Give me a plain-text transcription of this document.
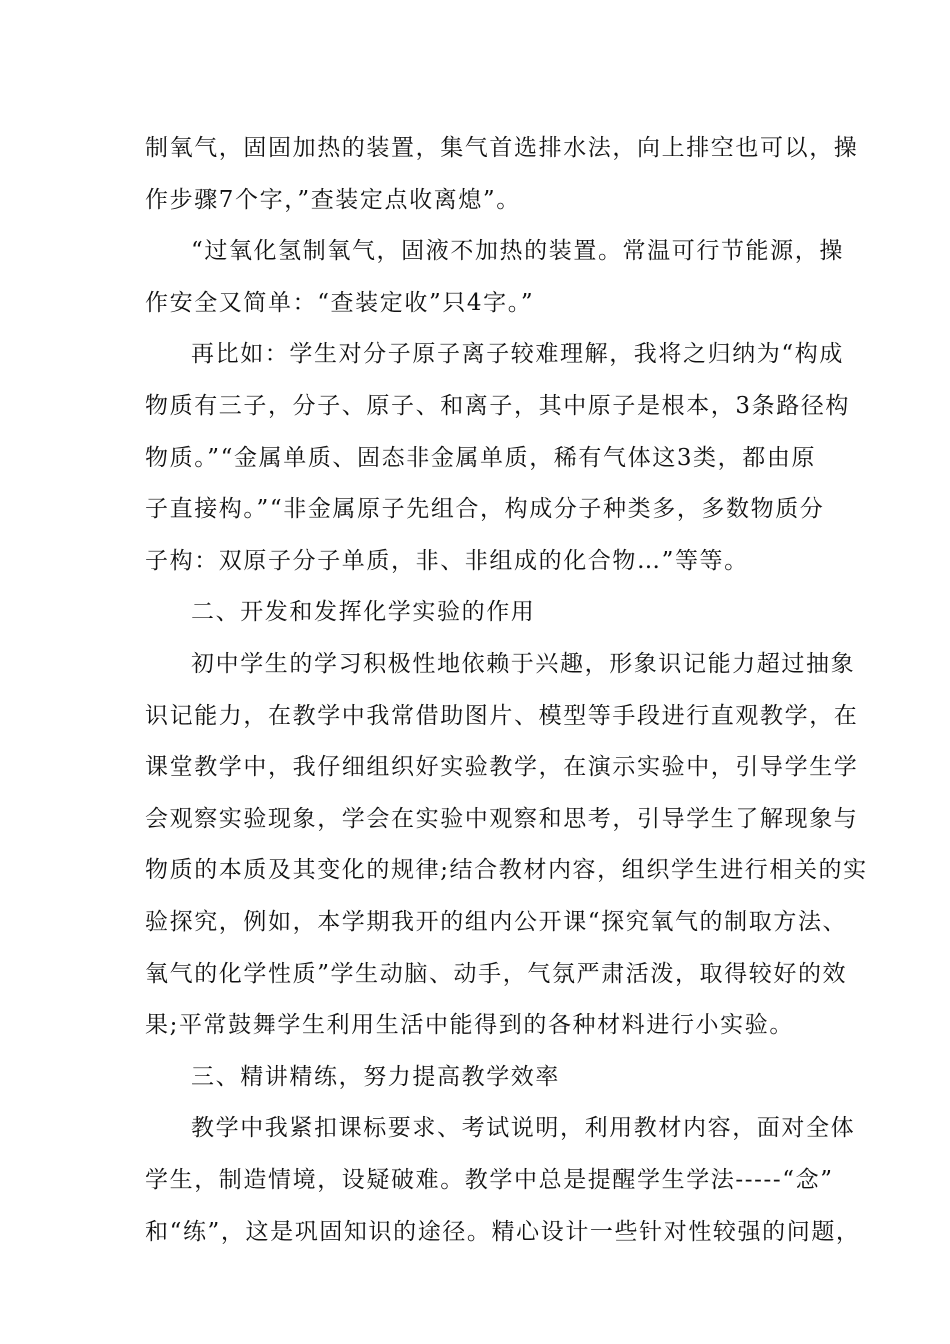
制氧气，固固加热的装置，集气首选排水法，向上排空也可以，操
作步骤7个字，”查装定点收离熄”。
“过氧化氢制氧气，固液不加热的装置。常温可行节能源，操
作安全又简单：“查装定收”只4字。”
再比如：学生对分子原子离子较难理解，我将之归纳为“构成
物质有三子，分子、原子、和离子，其中原子是根本，3条路径构
物质。”“金属单质、固态非金属单质，稀有气体这3类，都由原
子直接构。”“非金属原子先组合，构成分子种类多，多数物质分
子构：双原子分子单质，非、非组成的化合物…”等等。
二、开发和发挥化学实验的作用
初中学生的学习积极性地依赖于兴趣，形象识记能力超过抽象
识记能力，在教学中我常借助图片、模型等手段进行直观教学，在
课堂教学中，我仔细组织好实验教学，在演示实验中，引导学生学
会观察实验现象，学会在实验中观察和思考，引导学生了解现象与
物质的本质及其变化的规律;结合教材内容，组织学生进行相关的实
验探究，例如，本学期我开的组内公开课“探究氧气的制取方法、
氧气的化学性质”学生动脑、动手，气氛严肃活泼，取得较好的效
果;平常鼓舞学生利用生活中能得到的各种材料进行小实验。
三、精讲精练，努力提高教学效率
教学中我紧扣课标要求、考试说明，利用教材内容，面对全体
学生，制造情境，设疑破难。教学中总是提醒学生学法-----“念”
和“练”，这是巩固知识的途径。精心设计一些针对性较强的问题，
